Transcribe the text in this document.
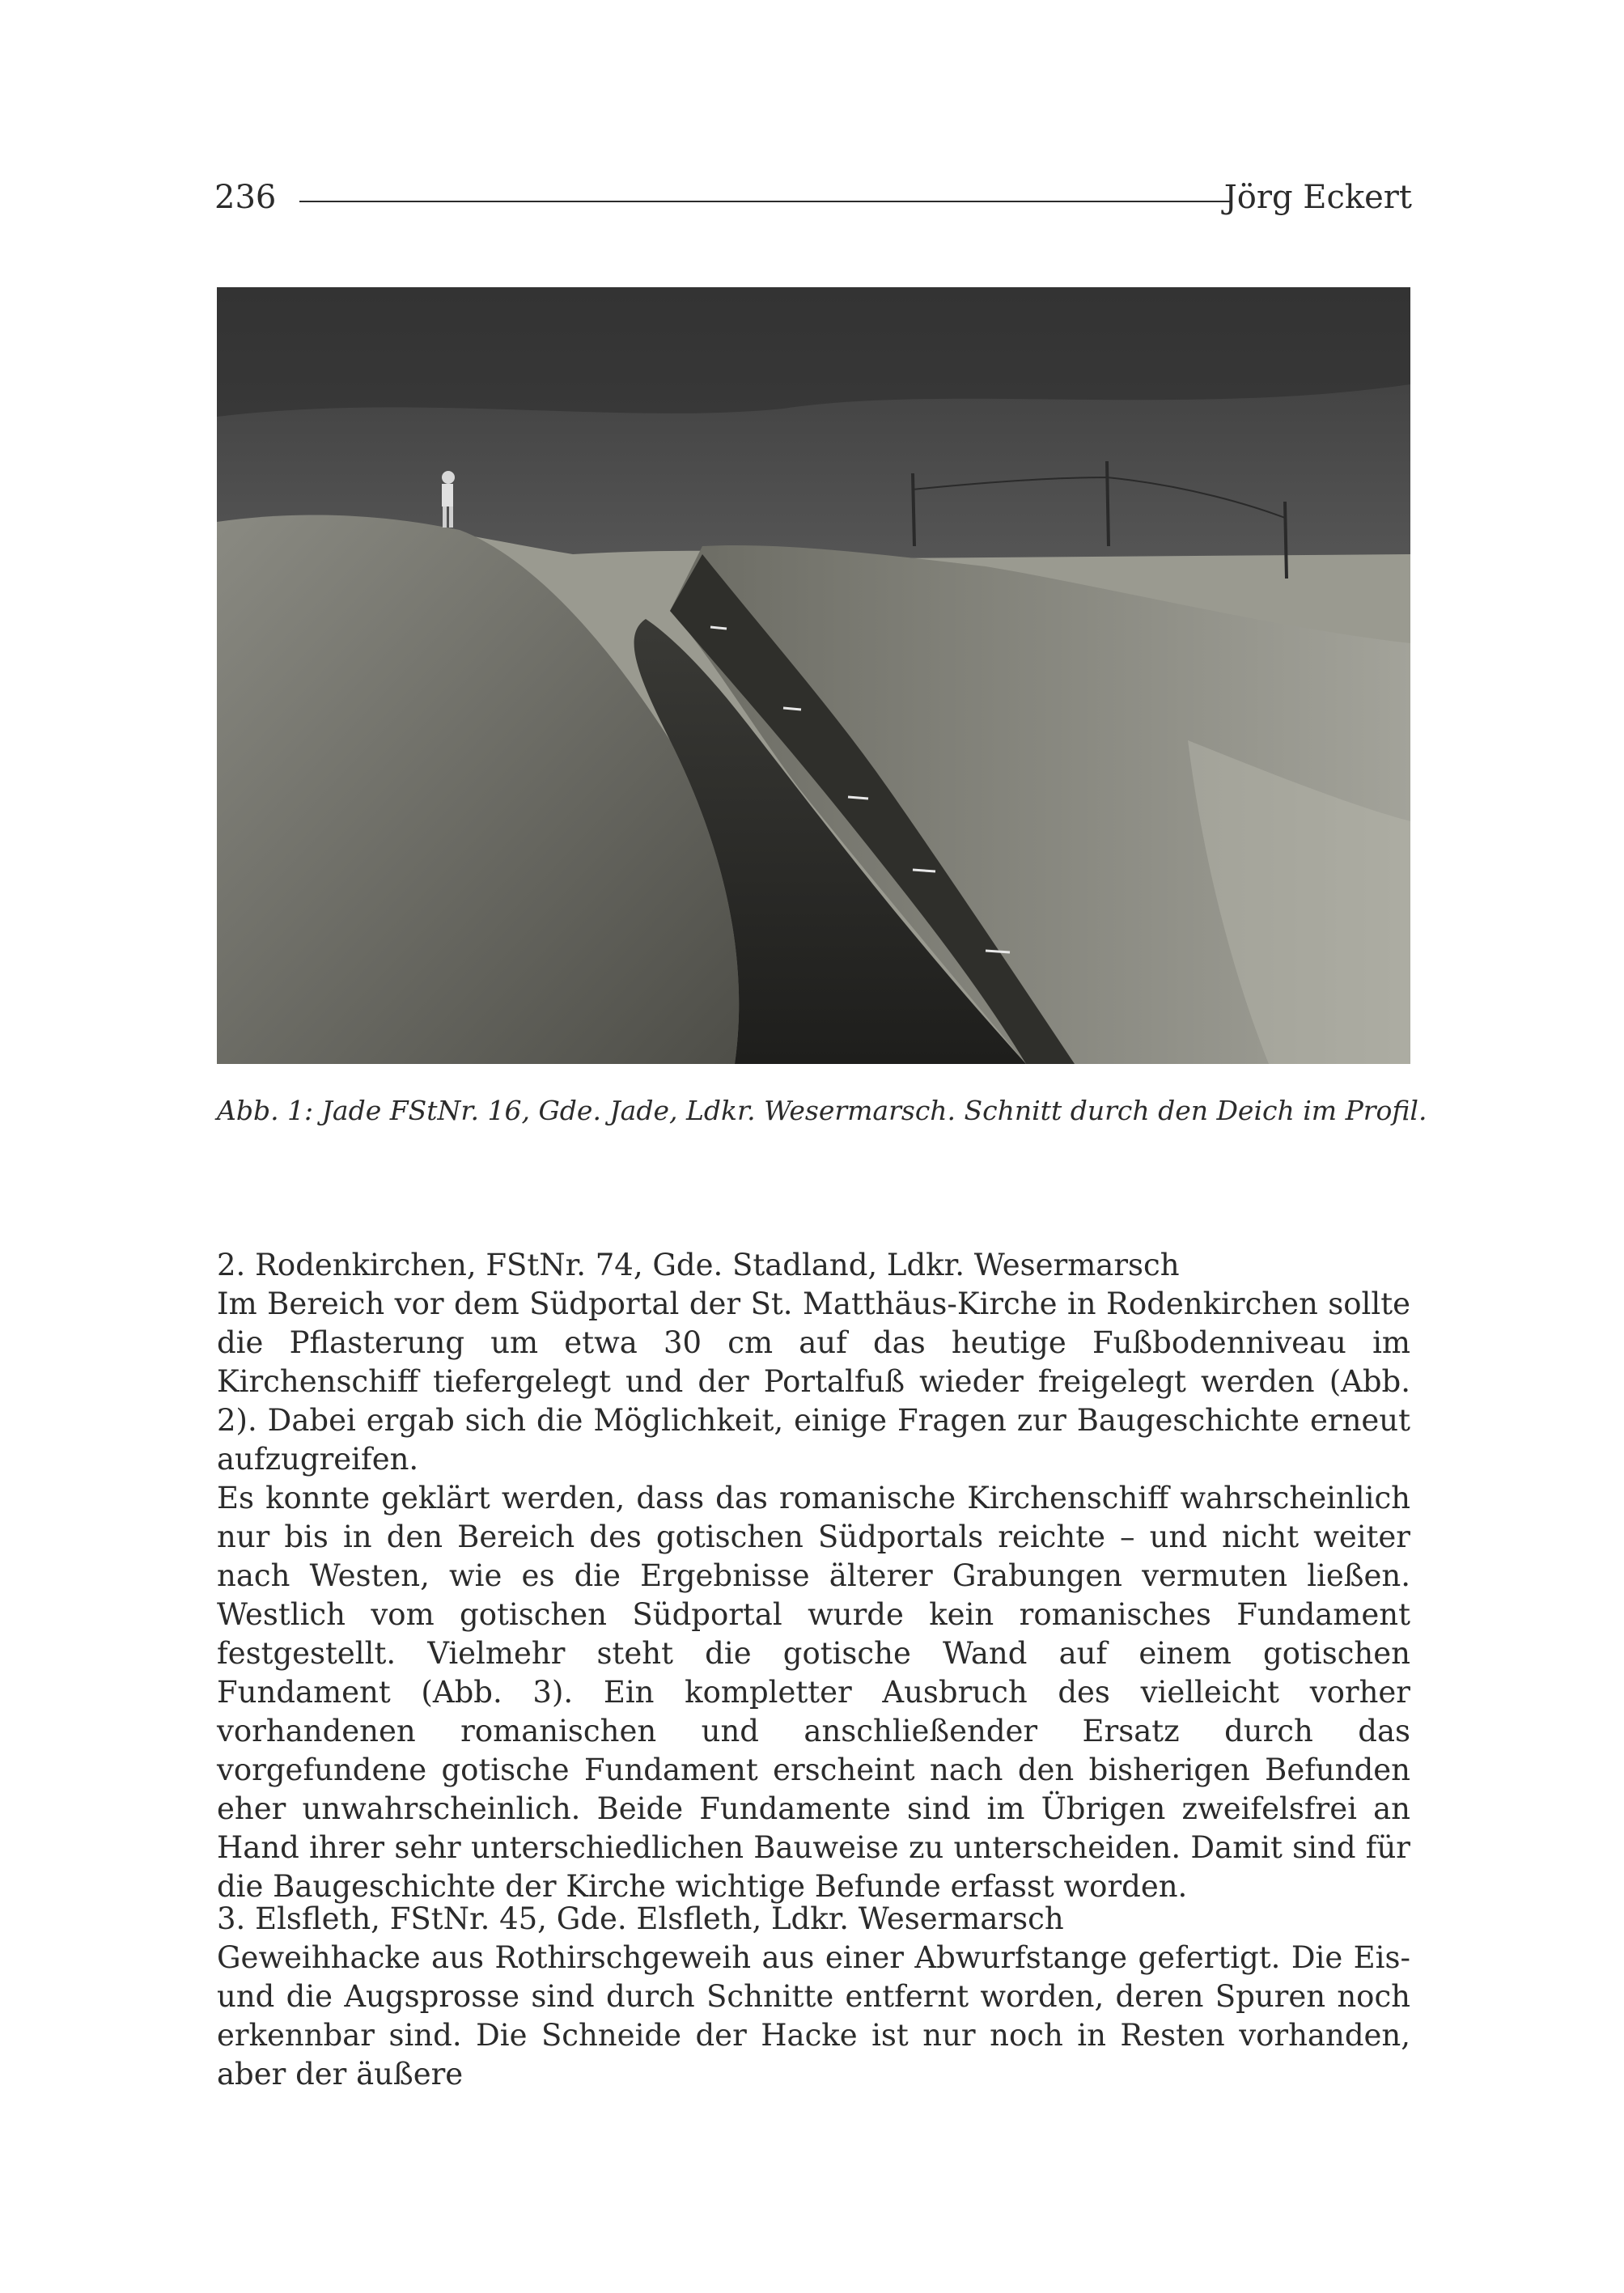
236	Jörg Eckert
Abb. 1: Jade FStNr. 16, Gde. Jade, Ldkr. Wesermarsch. Schnitt durch den Deich im Profil.
2. Rodenkirchen, FStNr. 74, Gde. Stadland, Ldkr. Wesermarsch

Im Bereich vor dem Südportal der St. Matthäus-Kirche in Rodenkirchen sollte die Pflasterung um etwa 30 cm auf das heutige Fußbodenniveau im Kirchenschiff tiefergelegt und der Portalfuß wieder freigelegt werden (Abb. 2). Dabei ergab sich die Möglichkeit, einige Fragen zur Baugeschichte erneut aufzugreifen.

Es konnte geklärt werden, dass das romanische Kirchenschiff wahrscheinlich nur bis in den Bereich des gotischen Südportals reichte – und nicht weiter nach Westen, wie es die Ergebnisse älterer Grabungen vermuten ließen. Westlich vom gotischen Südportal wurde kein romanisches Fundament festgestellt. Vielmehr steht die gotische Wand auf einem gotischen Fundament (Abb. 3). Ein kompletter Ausbruch des vielleicht vorher vorhandenen romanischen und anschließender Ersatz durch das vorgefundene gotische Fundament erscheint nach den bisherigen Befunden eher unwahrscheinlich. Beide Fundamente sind im Übrigen zweifelsfrei an Hand ihrer sehr unterschiedlichen Bauweise zu unterscheiden. Damit sind für die Baugeschichte der Kirche wichtige Befunde erfasst worden.

3. Elsfleth, FStNr. 45, Gde. Elsfleth, Ldkr. Wesermarsch

Geweihhacke aus Rothirschgeweih aus einer Abwurfstange gefertigt. Die Eis- und die Augsprosse sind durch Schnitte entfernt worden, deren Spuren noch erkennbar sind. Die Schneide der Hacke ist nur noch in Resten vorhanden, aber der äußere
